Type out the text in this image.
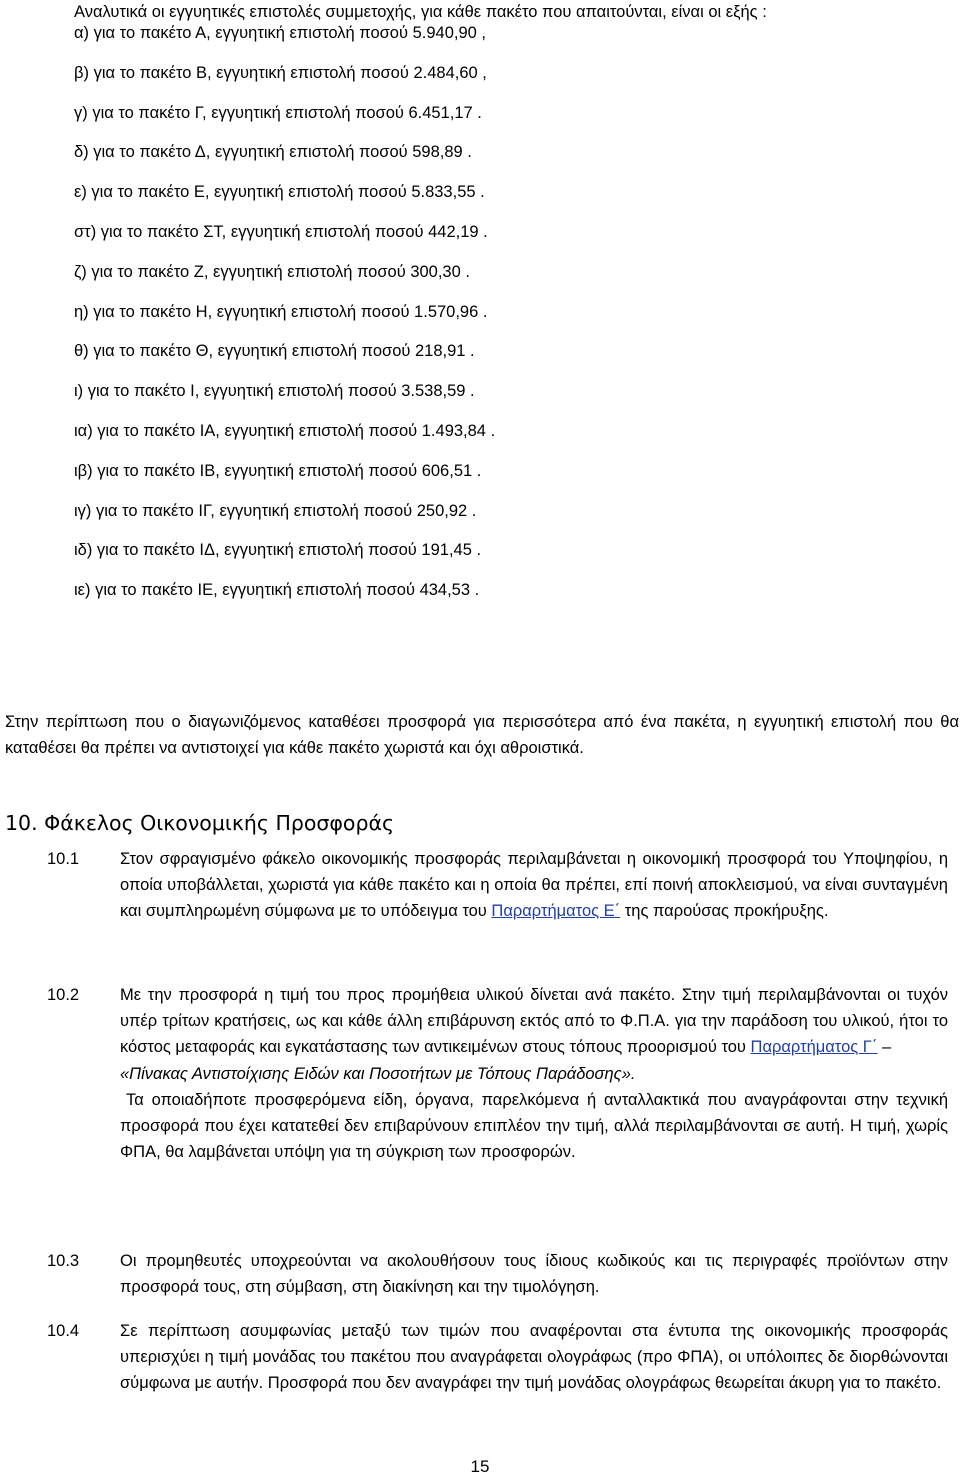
Αναλυτικά οι εγγυητικές επιστολές συμμετοχής, για κάθε πακέτο που απαιτούνται, είναι οι εξής :

α) για το πακέτο Α, εγγυητική επιστολή ποσού 5.940,90 ,
β) για το πακέτο Β, εγγυητική επιστολή ποσού 2.484,60 ,
γ) για το πακέτο Γ, εγγυητική επιστολή ποσού 6.451,17 .
δ) για το πακέτο Δ, εγγυητική επιστολή ποσού 598,89 .
ε) για το πακέτο Ε, εγγυητική επιστολή ποσού 5.833,55 .
στ) για το πακέτο ΣΤ, εγγυητική επιστολή ποσού 442,19 .
ζ) για το πακέτο Ζ, εγγυητική επιστολή ποσού 300,30 .
η) για το πακέτο Η, εγγυητική επιστολή ποσού 1.570,96 .
θ) για το πακέτο Θ, εγγυητική επιστολή ποσού 218,91 .
ι) για το πακέτο Ι, εγγυητική επιστολή ποσού 3.538,59 .
ια) για το πακέτο ΙΑ, εγγυητική επιστολή ποσού 1.493,84 .
ιβ) για το πακέτο ΙΒ, εγγυητική επιστολή ποσού 606,51 .
ιγ) για το πακέτο ΙΓ, εγγυητική επιστολή ποσού 250,92 .
ιδ) για το πακέτο ΙΔ, εγγυητική επιστολή ποσού 191,45 .
ιε) για το πακέτο ΙΕ, εγγυητική επιστολή ποσού 434,53 .

Στην περίπτωση που ο διαγωνιζόμενος καταθέσει προσφορά για περισσότερα από ένα πακέτα, η εγγυητική επιστολή που θα καταθέσει θα πρέπει να αντιστοιχεί για κάθε πακέτο χωριστά και όχι αθροιστικά.

10. Φάκελος Οικονομικής Προσφοράς
10.1 Στον σφραγισμένο φάκελο οικονομικής προσφοράς περιλαμβάνεται η οικονομική προσφορά του Υποψηφίου, η οποία υποβάλλεται, χωριστά για κάθε πακέτο και η οποία θα πρέπει, επί ποινή αποκλεισμού, να είναι συνταγμένη και συμπληρωμένη σύμφωνα με το υπόδειγμα του Παραρτήματος Ε΄ της παρούσας προκήρυξης.

10.2 Με την προσφορά η τιμή του προς προμήθεια υλικού δίνεται ανά πακέτο. Στην τιμή περιλαμβάνονται οι τυχόν υπέρ τρίτων κρατήσεις, ως και κάθε άλλη επιβάρυνση εκτός από το Φ.Π.Α. για την παράδοση του υλικού, ήτοι το κόστος μεταφοράς και εγκατάστασης των αντικειμένων στους τόπους προορισμού του Παραρτήματος Γ΄ –

«Πίνακας Αντιστοίχισης Ειδών και Ποσοτήτων με Τόπους Παράδοσης».

Τα οποιαδήποτε προσφερόμενα είδη, όργανα, παρελκόμενα ή ανταλλακτικά που αναγράφονται στην τεχνική προσφορά που έχει κατατεθεί δεν επιβαρύνουν επιπλέον την τιμή, αλλά περιλαμβάνονται σε αυτή. Η τιμή, χωρίς ΦΠΑ, θα λαμβάνεται υπόψη για τη σύγκριση των προσφορών.

10.3 Οι προμηθευτές υποχρεούνται να ακολουθήσουν τους ίδιους κωδικούς και τις περιγραφές προϊόντων στην προσφορά τους, στη σύμβαση, στη διακίνηση και την τιμολόγηση.

10.4 Σε περίπτωση ασυμφωνίας μεταξύ των τιμών που αναφέρονται στα έντυπα της οικονομικής προσφοράς υπερισχύει η τιμή μονάδας του πακέτου που αναγράφεται ολογράφως (προ ΦΠΑ), οι υπόλοιπες δε διορθώνονται σύμφωνα με αυτήν. Προσφορά που δεν αναγράφει την τιμή μονάδας ολογράφως θεωρείται άκυρη για το πακέτο.

15
